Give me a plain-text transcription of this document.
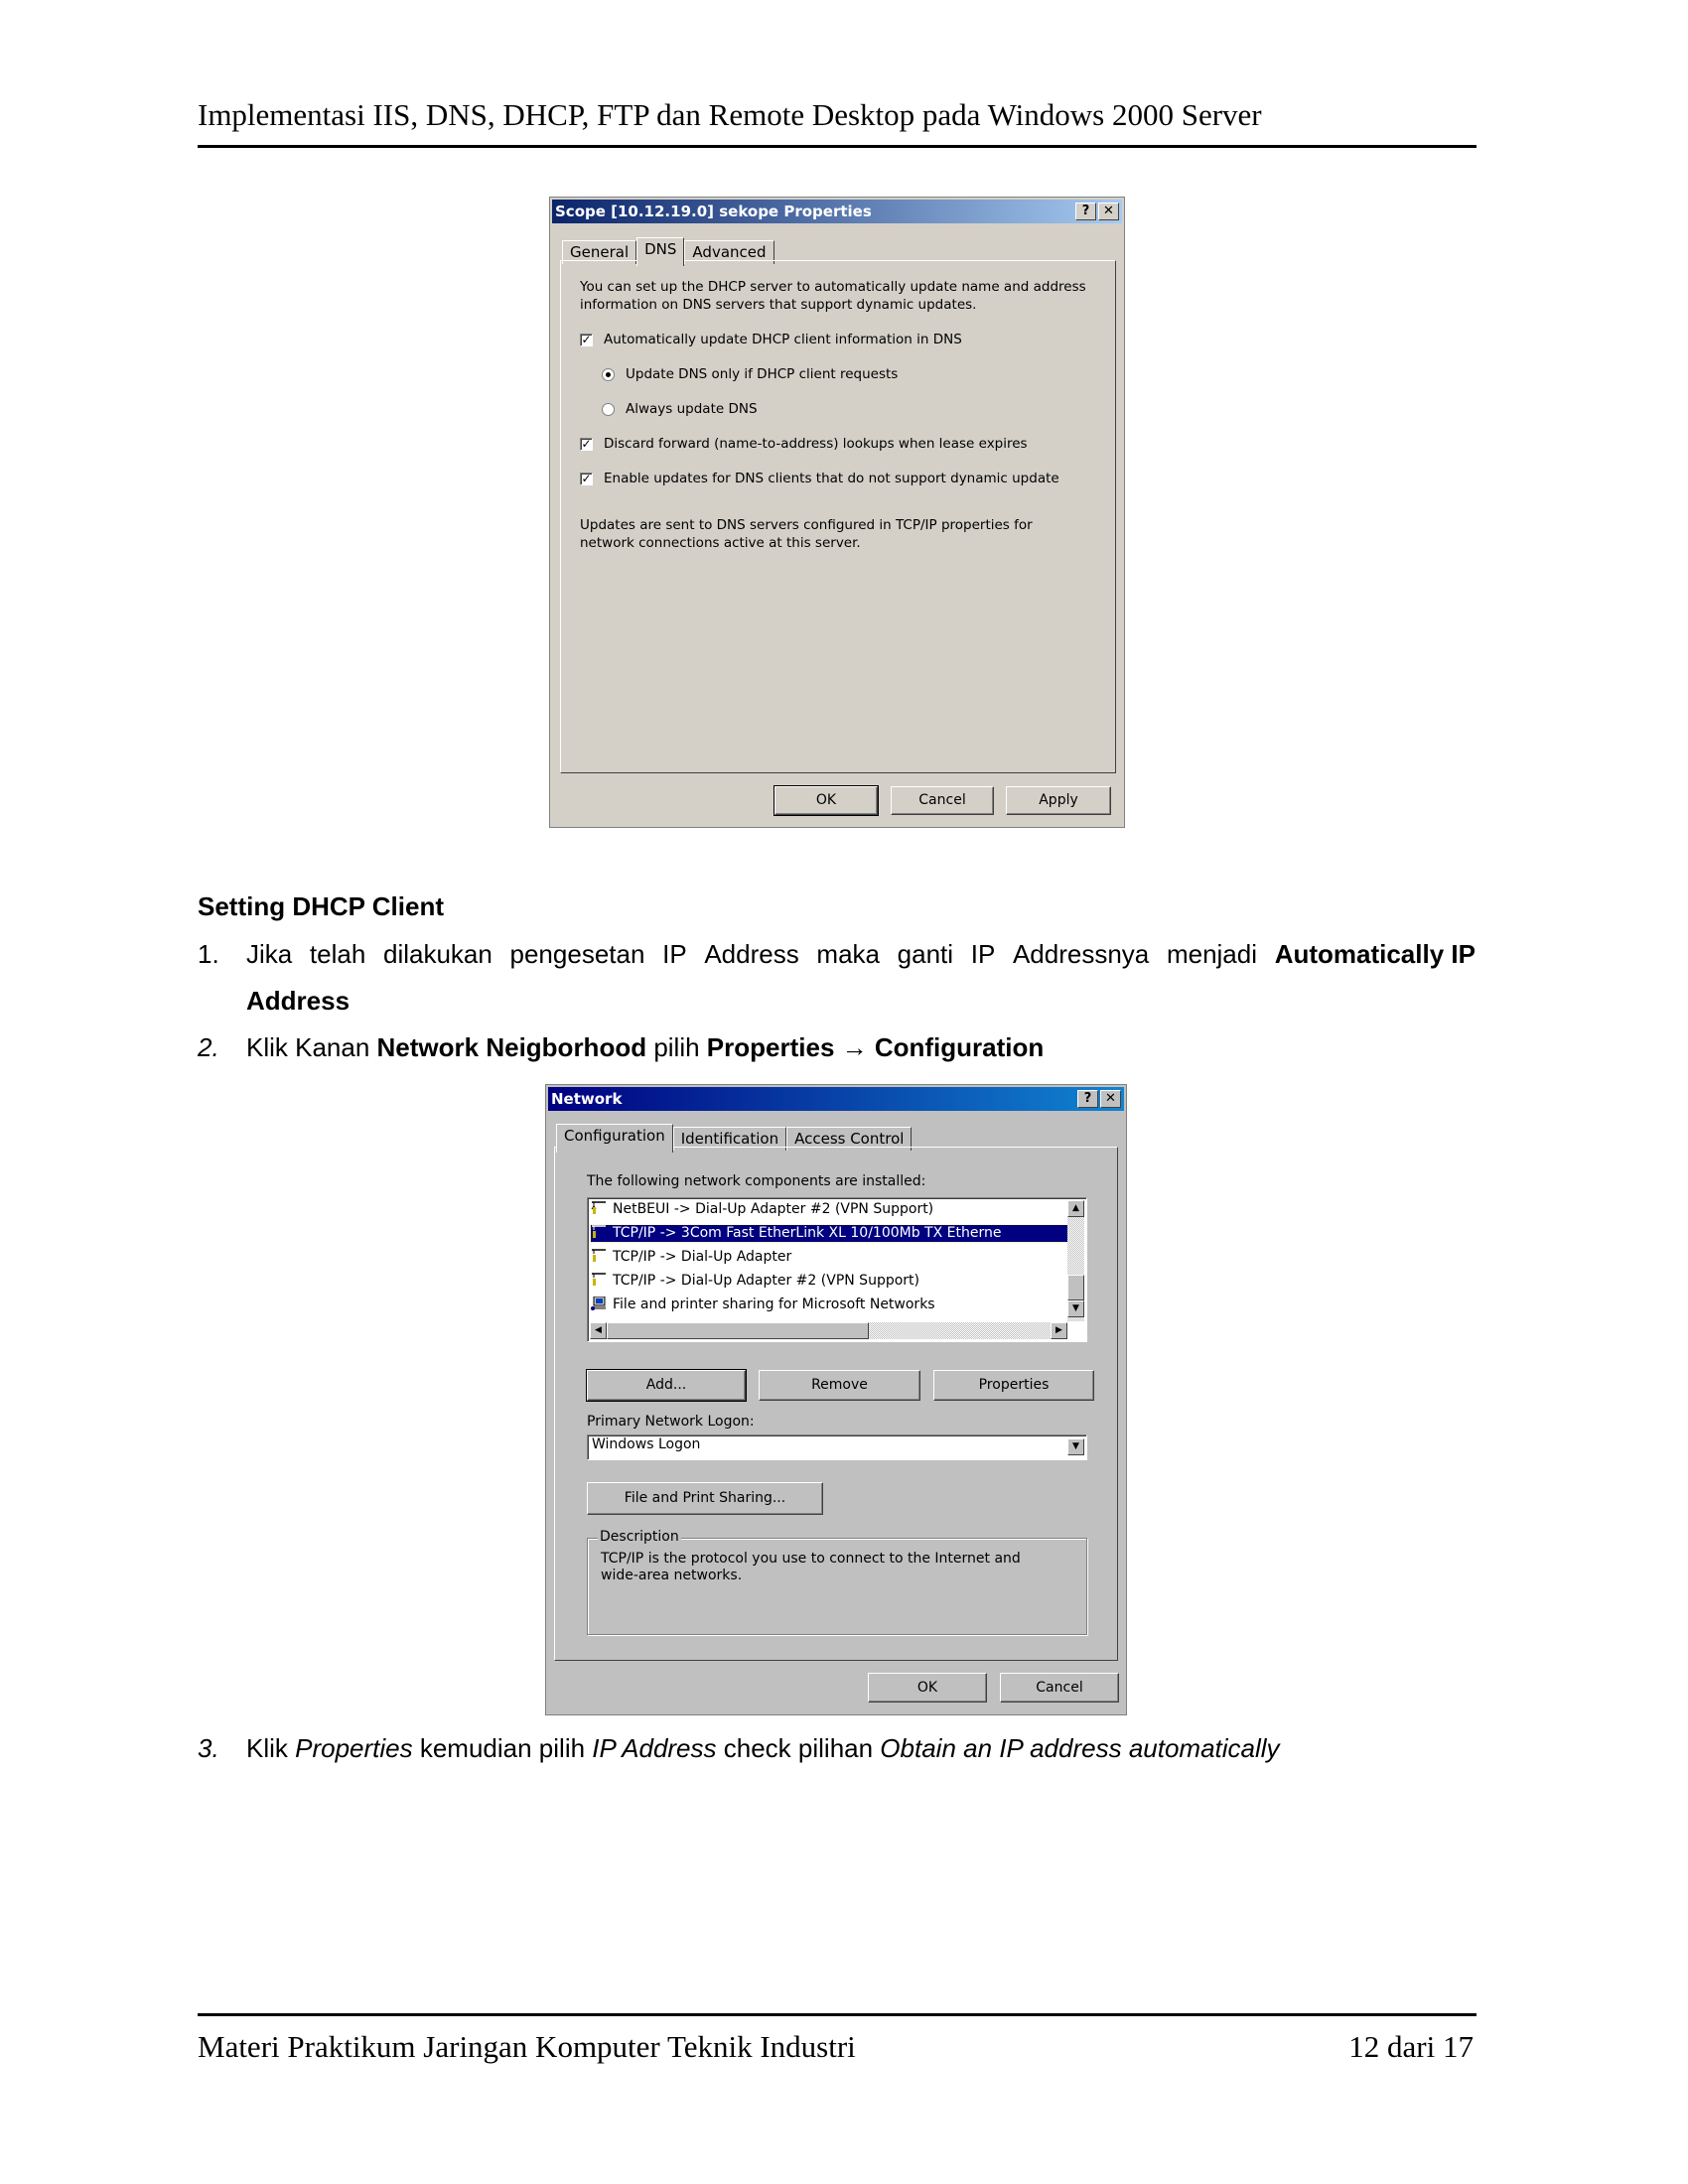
Implementasi IIS, DNS, DHCP, FTP dan Remote Desktop pada Windows 2000 Server
Scope [10.12.19.0] sekope Properties	?	✕
General	DNS	Advanced
You can set up the DHCP server to automatically update name and address
information on DNS servers that support dynamic updates.
✓ Automatically update DHCP client information in DNS
Update DNS only if DHCP client requests
Always update DNS
✓ Discard forward (name-to-address) lookups when lease expires
✓ Enable updates for DNS clients that do not support dynamic update
Updates are sent to DNS servers configured in TCP/IP properties for
network connections active at this server.
OK	Cancel	Apply
Setting DHCP Client
1. Jika telah dilakukan pengesetan IP Address maka ganti IP Addressnya menjadi Automatically IP
Address
2. Klik Kanan Network Neigborhood pilih Properties → Configuration
Network	?	✕
Configuration	Identification	Access Control
The following network components are installed:
NetBEUI -> Dial-Up Adapter #2 (VPN Support)
TCP/IP -> 3Com Fast EtherLink XL 10/100Mb TX Etherne
TCP/IP -> Dial-Up Adapter
TCP/IP -> Dial-Up Adapter #2 (VPN Support)
File and printer sharing for Microsoft Networks
▲
▼
◀	▶
Add...	Remove	Properties
Primary Network Logon:
Windows Logon	▼
File and Print Sharing...
Description
TCP/IP is the protocol you use to connect to the Internet and
wide-area networks.
OK	Cancel
3. Klik Properties kemudian pilih IP Address check pilihan Obtain an IP address automatically
Materi Praktikum Jaringan Komputer Teknik Industri	12 dari 17
